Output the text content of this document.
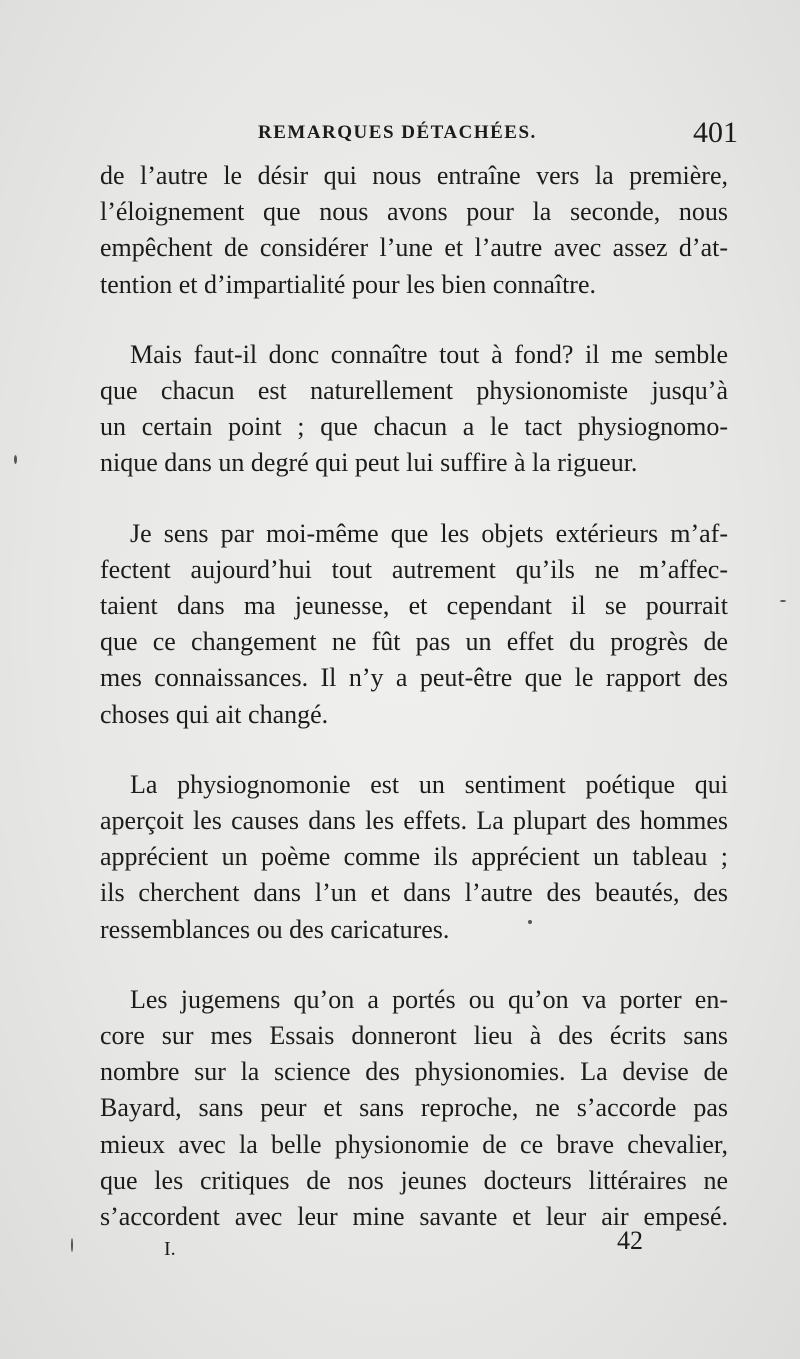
REMARQUES DÉTACHÉES.	401
de l’autre le désir qui nous entraîne vers la première,
l’éloignement que nous avons pour la seconde, nous
empêchent de considérer l’une et l’autre avec assez d’at-
tention et d’impartialité pour les bien connaître.
Mais faut-il donc connaître tout à fond? il me semble
que chacun est naturellement physionomiste jusqu’à
un certain point ; que chacun a le tact physiognomo-
nique dans un degré qui peut lui suffire à la rigueur.
Je sens par moi-même que les objets extérieurs m’af-
fectent aujourd’hui tout autrement qu’ils ne m’affec-
taient dans ma jeunesse, et cependant il se pourrait
que ce changement ne fût pas un effet du progrès de
mes connaissances. Il n’y a peut-être que le rapport des
choses qui ait changé.
La physiognomonie est un sentiment poétique qui
aperçoit les causes dans les effets. La plupart des hommes
apprécient un poème comme ils apprécient un tableau ;
ils cherchent dans l’un et dans l’autre des beautés, des
ressemblances ou des caricatures.
Les jugemens qu’on a portés ou qu’on va porter en-
core sur mes Essais donneront lieu à des écrits sans
nombre sur la science des physionomies. La devise de
Bayard, sans peur et sans reproche, ne s’accorde pas
mieux avec la belle physionomie de ce brave chevalier,
que les critiques de nos jeunes docteurs littéraires ne
s’accordent avec leur mine savante et leur air empesé.
I.	42
